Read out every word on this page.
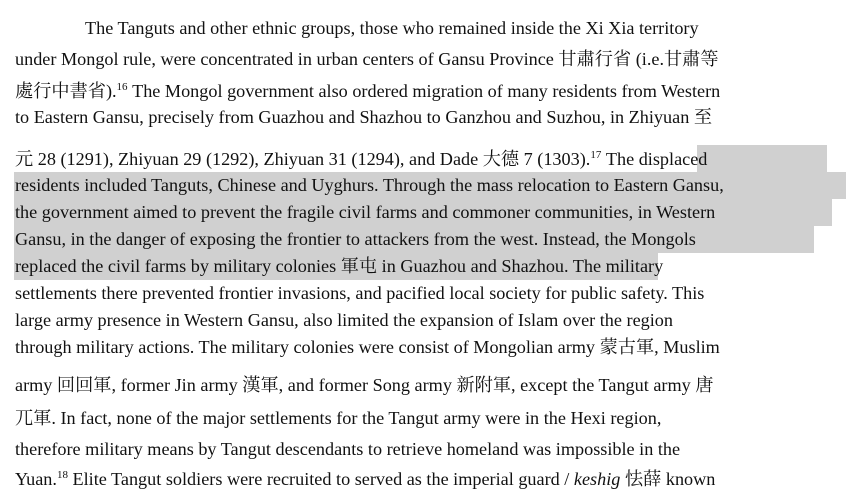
The Tanguts and other ethnic groups, those who remained inside the Xi Xia territory
under Mongol rule, were concentrated in urban centers of Gansu Province 甘肅行省 (i.e.甘肅等
處行中書省).$^{16}$ The Mongol government also ordered migration of many residents from Western
to Eastern Gansu, precisely from Guazhou and Shazhou to Ganzhou and Suzhou, in Zhiyuan 至
元 28 (1291), Zhiyuan 29 (1292), Zhiyuan 31 (1294), and Dade 大德 7 (1303).$^{17}$ The displaced
residents included Tanguts, Chinese and Uyghurs. Through the mass relocation to Eastern Gansu,
the government aimed to prevent the fragile civil farms and commoner communities, in Western
Gansu, in the danger of exposing the frontier to attackers from the west. Instead, the Mongols
replaced the civil farms by military colonies 軍屯 in Guazhou and Shazhou. The military
settlements there prevented frontier invasions, and pacified local society for public safety. This
large army presence in Western Gansu, also limited the expansion of Islam over the region
through military actions. The military colonies were consist of Mongolian army 蒙古軍, Muslim
army 回回軍, former Jin army 漢軍, and former Song army 新附軍, except the Tangut army 唐
兀軍. In fact, none of the major settlements for the Tangut army were in the Hexi region,
therefore military means by Tangut descendants to retrieve homeland was impossible in the
Yuan.$^{18}$ Elite Tangut soldiers were recruited to served as the imperial guard / keshig 怯薛 known
